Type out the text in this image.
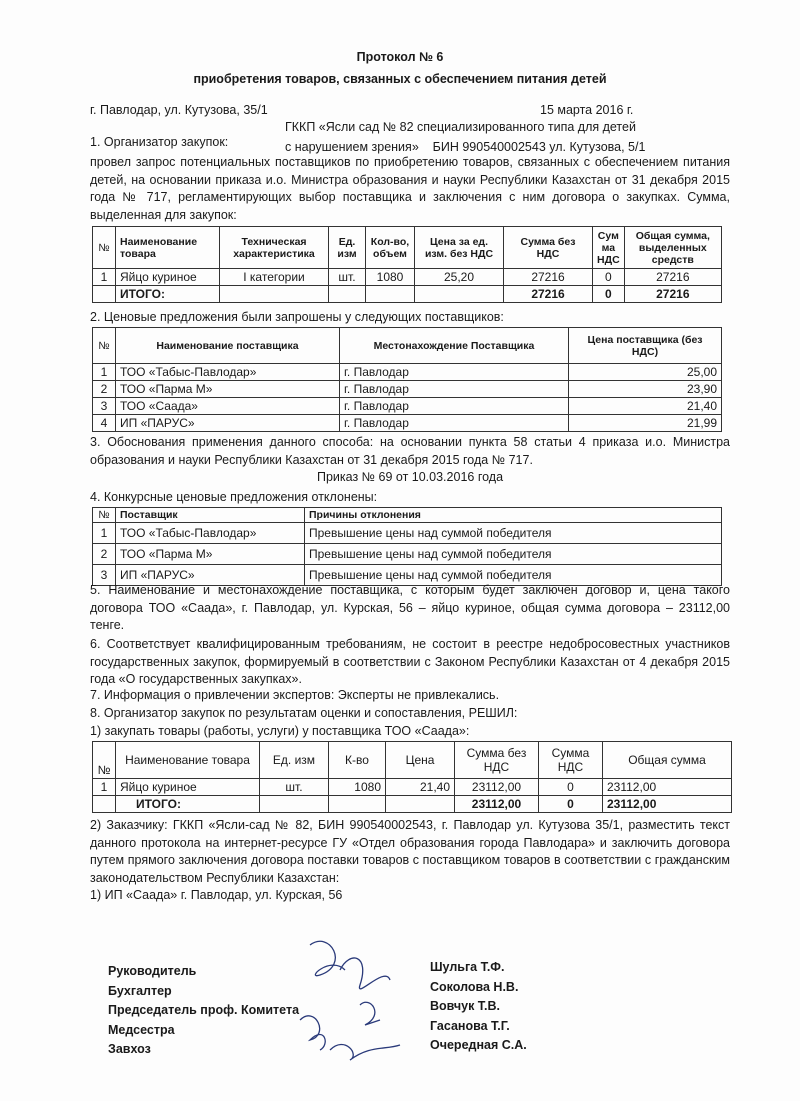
Протокол № 6
приобретения товаров, связанных с обеспечением питания детей
г. Павлодар, ул. Кутузова, 35/1	15 марта 2016 г.
1. Организатор закупок:
ГККП «Ясли сад № 82 специализированного типа для детей
с нарушением зрения»    БИН 990540002543 ул. Кутузова, 5/1
провел запрос потенциальных поставщиков по приобретению товаров, связанных с обеспечением питания детей, на основании приказа и.о. Министра образования и науки Республики Казахстан от 31 декабря 2015 года № 717, регламентирующих выбор поставщика и заключения с ним договора о закупках. Сумма, выделенная для закупок:
№	Наименование товара	Техническая характеристика	Ед. изм	Кол-во, объем	Цена за ед. изм. без НДС	Сумма без НДС	Сум ма НДС	Общая сумма, выделенных средств
1	Яйцо куриное	I категории	шт.	1080	25,20	27216	0	27216
	ИТОГО:					27216	0	27216
2. Ценовые предложения были запрошены у следующих поставщиков:
№	Наименование поставщика	Местонахождение Поставщика	Цена поставщика (без НДС)
1	ТОО «Табыс-Павлодар»	г. Павлодар	25,00
2	ТОО «Парма М»	г. Павлодар	23,90
3	ТОО «Саада»	г. Павлодар	21,40
4	ИП «ПАРУС»	г. Павлодар	21,99
3. Обоснования применения данного способа: на основании пункта 58 статьи 4 приказа и.о. Министра образования и науки Республики Казахстан от 31 декабря 2015 года № 717.
Приказ № 69 от 10.03.2016 года
4. Конкурсные ценовые предложения отклонены:
№	Поставщик	Причины отклонения
1	ТОО «Табыс-Павлодар»	Превышение цены над суммой победителя
2	ТОО «Парма М»	Превышение цены над суммой победителя
3	ИП «ПАРУС»	Превышение цены над суммой победителя
5. Наименование и местонахождение поставщика, с которым будет заключен договор и, цена такого договора ТОО «Саада», г. Павлодар, ул. Курская, 56 – яйцо куриное, общая сумма договора – 23112,00 тенге.
6. Соответствует квалифицированным требованиям, не состоит в реестре недобросовестных участников государственных закупок, формируемый в соответствии с Законом Республики Казахстан от 4 декабря 2015 года «О государственных закупках».
7. Информация о привлечении экспертов: Эксперты не привлекались.
8. Организатор закупок по результатам оценки и сопоставления, РЕШИЛ:
1) закупать товары (работы, услуги) у поставщика ТОО «Саада»:
№	Наименование товара	Ед. изм	К-во	Цена	Сумма без НДС	Сумма НДС	Общая сумма
1	Яйцо куриное	шт.	1080	21,40	23112,00	0	23112,00
	ИТОГО:				23112,00	0	23112,00
2) Заказчику: ГККП «Ясли-сад № 82, БИН 990540002543, г. Павлодар ул. Кутузова 35/1, разместить текст данного протокола на интернет-ресурсе ГУ «Отдел образования города Павлодара» и заключить договора путем прямого заключения договора поставки товаров с поставщиком товаров в соответствии с гражданским законодательством Республики Казахстан:
1) ИП «Саада» г. Павлодар, ул. Курская, 56
Руководитель
Бухгалтер
Пpедседатель проф. Комитета
Медсестра
Завхоз
Шульга Т.Ф.
Соколова Н.В.
Вовчук Т.В.
Гасанова Т.Г.
Очередная С.А.
